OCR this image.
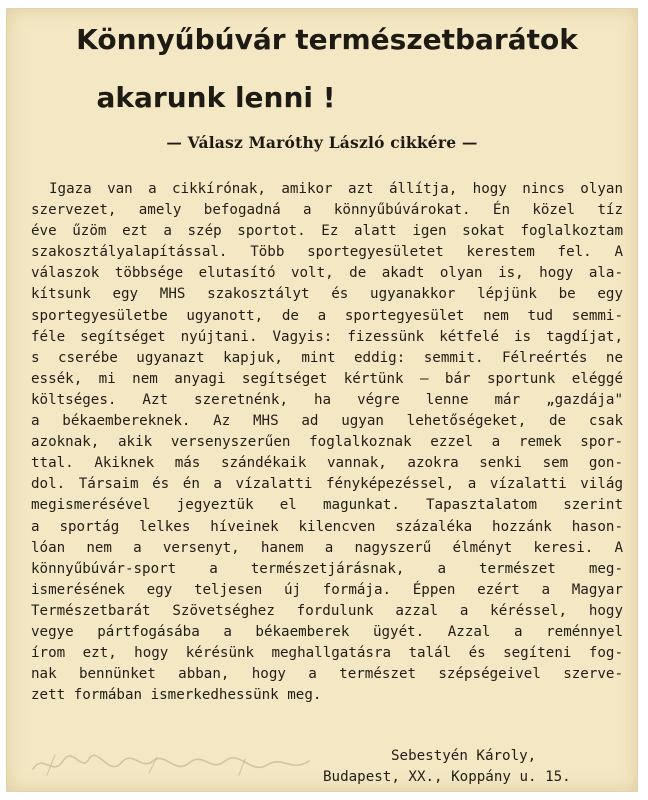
Könnyűbúvár természetbarátok
akarunk lenni !
— Válasz Maróthy László cikkére —
Igaza van a cikkírónak, amikor azt állítja, hogy nincs olyan
szervezet, amely befogadná a könnyűbúvárokat. Én közel tíz
éve űzöm ezt a szép sportot. Ez alatt igen sokat foglalkoztam
szakosztályalapítással. Több sportegyesületet kerestem fel. A
válaszok többsége elutasító volt, de akadt olyan is, hogy ala-
kítsunk egy MHS szakosztályt és ugyanakkor lépjünk be egy
sportegyesületbe ugyanott, de a sportegyesület nem tud semmi-
féle segítséget nyújtani. Vagyis: fizessünk kétfelé is tagdíjat,
s cserébe ugyanazt kapjuk, mint eddig: semmit. Félreértés ne
essék, mi nem anyagi segítséget kértünk — bár sportunk eléggé
költséges. Azt szeretnénk, ha végre lenne már „gazdája"
a békaembereknek. Az MHS ad ugyan lehetőségeket, de csak
azoknak, akik versenyszerűen foglalkoznak ezzel a remek spor-
ttal. Akiknek más szándékaik vannak, azokra senki sem gon-
dol. Társaim és én a vízalatti fényképezéssel, a vízalatti világ
megismerésével jegyeztük el magunkat. Tapasztalatom szerint
a sportág lelkes híveinek kilencven százaléka hozzánk hason-
lóan nem a versenyt, hanem a nagyszerű élményt keresi. A
könnyűbúvár-sport a természetjárásnak, a természet meg-
ismerésének egy teljesen új formája. Éppen ezért a Magyar
Természetbarát Szövetséghez fordulunk azzal a kéréssel, hogy
vegye pártfogásába a békaemberek ügyét. Azzal a reménnyel
írom ezt, hogy kérésünk meghallgatásra talál és segíteni fog-
nak bennünket abban, hogy a természet szépségeivel szerve-
zett formában ismerkedhessünk meg.
Sebestyén Károly,
Budapest, XX., Koppány u. 15.
